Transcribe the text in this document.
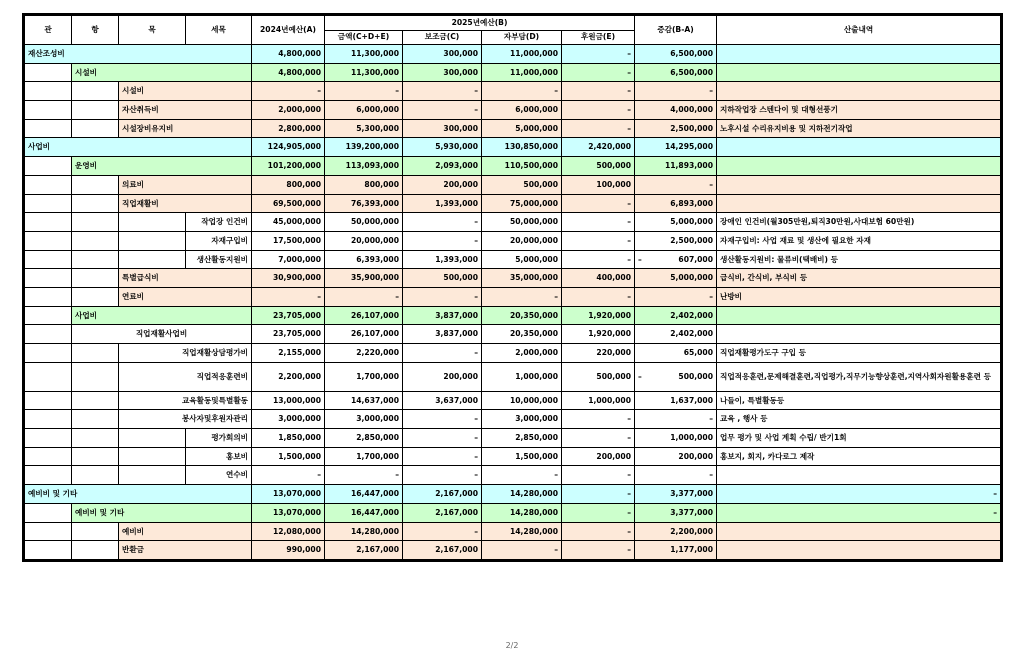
관	항	목	세목	2024년예산(A)	2025년예산(B)				증감(B-A)	산출내역
					금액(C+D+E)	보조금(C)	자부담(D)	후원금(E)		
재산조성비				4,800,000	11,300,000	300,000	11,000,000	–	6,500,000	
	시설비			4,800,000	11,300,000	300,000	11,000,000	–	6,500,000	
		시설비		–	–	–	–	–	–	
		자산취득비		2,000,000	6,000,000	–	6,000,000	–	4,000,000	지하작업장 스텐다이 및 대형선풍기
		시설장비유지비		2,800,000	5,300,000	300,000	5,000,000	–	2,500,000	노후시설 수리유지비용 및 지하전기작업
사업비				124,905,000	139,200,000	5,930,000	130,850,000	2,420,000	14,295,000	
	운영비			101,200,000	113,093,000	2,093,000	110,500,000	500,000	11,893,000	
		의료비		800,000	800,000	200,000	500,000	100,000	–	
		직업재활비		69,500,000	76,393,000	1,393,000	75,000,000	–	6,893,000	
			작업장 인건비	45,000,000	50,000,000	–	50,000,000	–	5,000,000	장애인 인건비(월305만원,퇴직30만원,사대보험 60만원)
			자재구입비	17,500,000	20,000,000	–	20,000,000	–	2,500,000	자재구입비: 사업 재료 및 생산에 필요한 자재
			생산활동지원비	7,000,000	6,393,000	1,393,000	5,000,000	–	– 607,000	생산활동지원비: 물류비(택배비) 등
		특별급식비		30,900,000	35,900,000	500,000	35,000,000	400,000	5,000,000	급식비, 간식비, 부식비 등
		연료비		–	–	–	–	–	–	난방비
	사업비			23,705,000	26,107,000	3,837,000	20,350,000	1,920,000	2,402,000	
	직업재활사업비			23,705,000	26,107,000	3,837,000	20,350,000	1,920,000	2,402,000	
		직업재활상담평가비		2,155,000	2,220,000	–	2,000,000	220,000	65,000	직업재활평가도구 구입 등
		직업적응훈련비		2,200,000	1,700,000	200,000	1,000,000	500,000	– 500,000	직업적응훈련,문제해결훈련,직업평가,직무기능향상훈련,지역사회자원활용훈련 등
		교육활동및특별활동		13,000,000	14,637,000	3,637,000	10,000,000	1,000,000	1,637,000	나들이, 특별활동등
		봉사자및후원자관리		3,000,000	3,000,000	–	3,000,000	–	–	교육 , 행사 등
			평가회의비	1,850,000	2,850,000	–	2,850,000	–	1,000,000	업무 평가 및 사업 계획 수립/ 반기1회
			홍보비	1,500,000	1,700,000	–	1,500,000	200,000	200,000	홍보지, 회지, 카다로그 제작
			연수비	–	–	–	–	–	–	
예비비 및 기타				13,070,000	16,447,000	2,167,000	14,280,000	–	3,377,000	–
	예비비 및 기타			13,070,000	16,447,000	2,167,000	14,280,000	–	3,377,000	–
		예비비		12,080,000	14,280,000	–	14,280,000	–	2,200,000	
		반환금		990,000	2,167,000	2,167,000	–	–	1,177,000	
2/2
